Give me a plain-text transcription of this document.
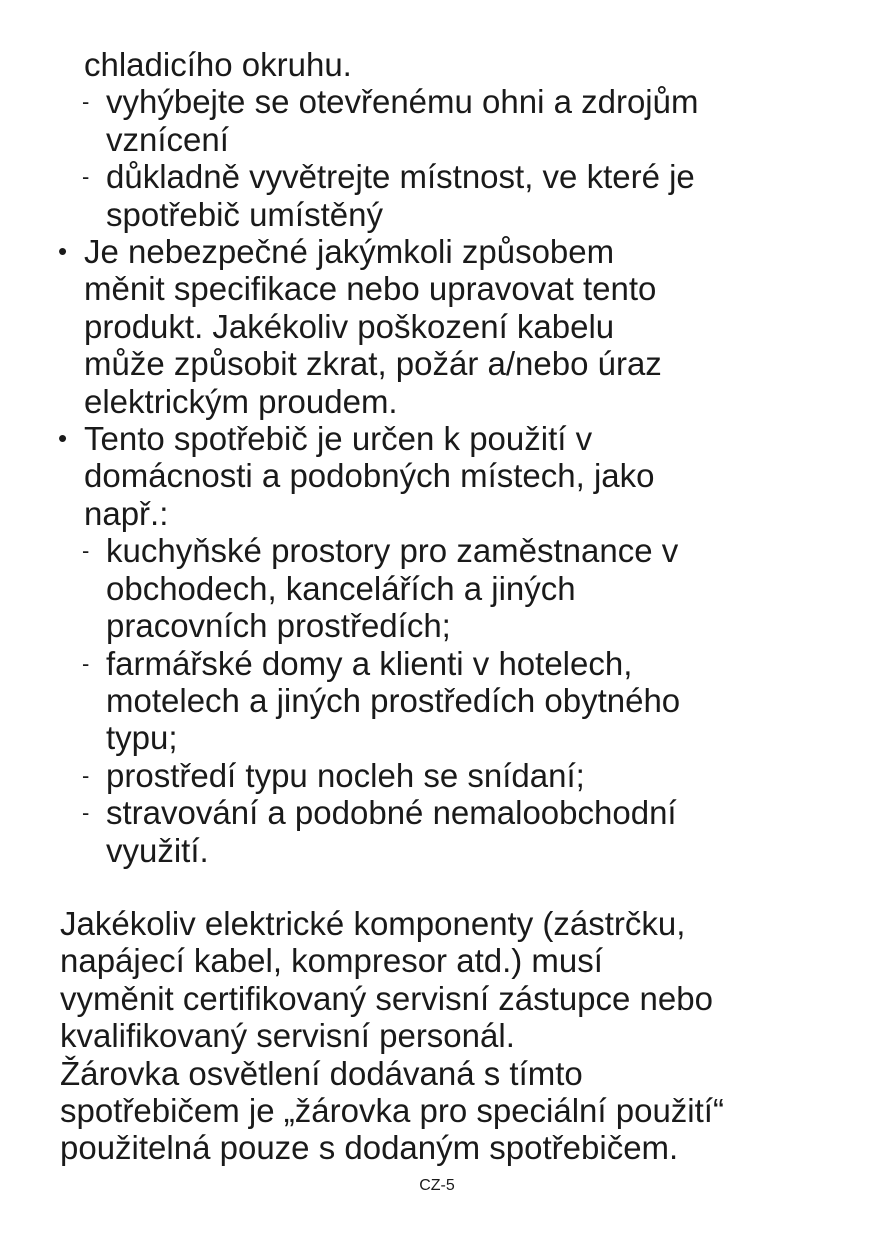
chladicího okruhu.
- vyhýbejte se otevřenému ohni a zdrojům
vznícení
- důkladně vyvětrejte místnost, ve které je
spotřebič umístěný
• Je nebezpečné jakýmkoli způsobem
měnit specifikace nebo upravovat tento
produkt. Jakékoliv poškození kabelu
může způsobit zkrat, požár a/nebo úraz
elektrickým proudem.
• Tento spotřebič je určen k použití v
domácnosti a podobných místech, jako
např.:
- kuchyňské prostory pro zaměstnance v
obchodech, kancelářích a jiných
pracovních prostředích;
- farmářské domy a klienti v hotelech,
motelech a jiných prostředích obytného
typu;
- prostředí typu nocleh se snídaní;
- stravování a podobné nemaloobchodní
využití.
Jakékoliv elektrické komponenty (zástrčku,
napájecí kabel, kompresor atd.) musí
vyměnit certifikovaný servisní zástupce nebo
kvalifikovaný servisní personál.
Žárovka osvětlení dodávaná s tímto
spotřebičem je „žárovka pro speciální použití“
použitelná pouze s dodaným spotřebičem.
CZ-5
